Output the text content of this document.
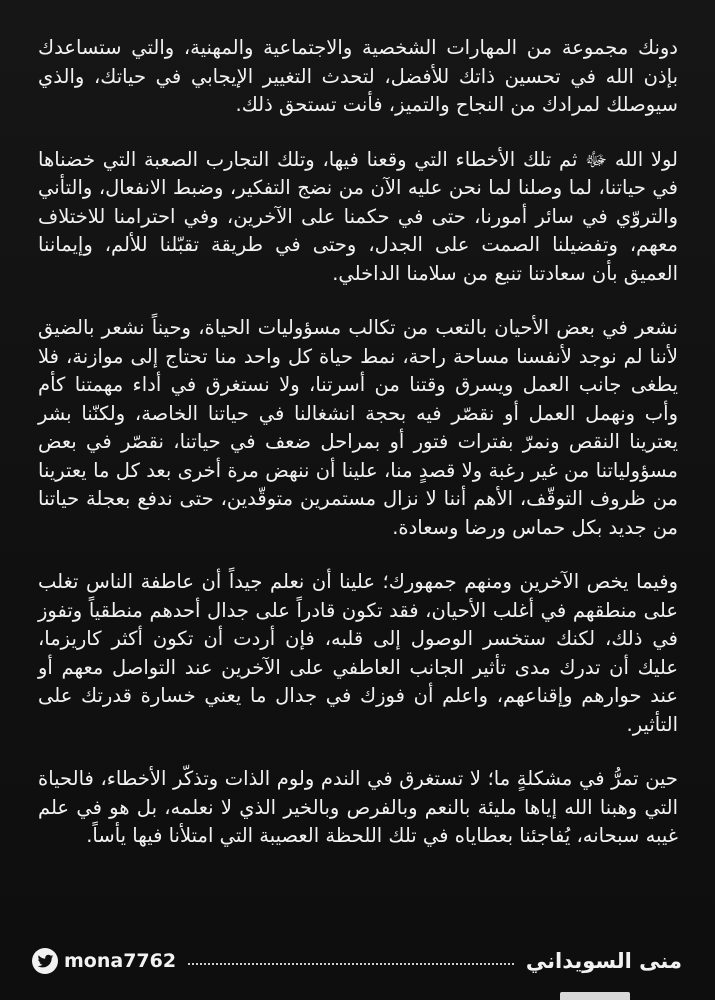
دونك مجموعة من المهارات الشخصية والاجتماعية والمهنية، والتي ستساعدك بإذن الله في تحسين ذاتك للأفضل، لتحدث التغيير الإيجابي في حياتك، والذي سيوصلك لمرادك من النجاح والتميز، فأنت تستحق ذلك.

لولا الله ﷻ ثم تلك الأخطاء التي وقعنا فيها، وتلك التجارب الصعبة التي خضناها في حياتنا، لما وصلنا لما نحن عليه الآن من نضج التفكير، وضبط الانفعال، والتأني والتروّي في سائر أمورنا، حتى في حكمنا على الآخرين، وفي احترامنا للاختلاف معهم، وتفضيلنا الصمت على الجدل، وحتى في طريقة تقبّلنا للألم، وإيماننا العميق بأن سعادتنا تنبع من سلامنا الداخلي.

نشعر في بعض الأحيان بالتعب من تكالب مسؤوليات الحياة، وحيناً نشعر بالضيق لأننا لم نوجد لأنفسنا مساحة راحة، نمط حياة كل واحد منا تحتاج إلى موازنة، فلا يطغى جانب العمل ويسرق وقتنا من أسرتنا، ولا نستغرق في أداء مهمتنا كأم وأب ونهمل العمل أو نقصّر فيه بحجة انشغالنا في حياتنا الخاصة، ولكنّنا بشر يعترينا النقص ونمرّ بفترات فتور أو بمراحل ضعف في حياتنا، نقصّر في بعض مسؤولياتنا من غير رغبة ولا قصدٍ منا، علينا أن ننهض مرة أخرى بعد كل ما يعترينا من ظروف التوقّف، الأهم أننا لا نزال مستمرين متوقّدين، حتى ندفع بعجلة حياتنا من جديد بكل حماس ورضا وسعادة.

وفيما يخص الآخرين ومنهم جمهورك؛ علينا أن نعلم جيداً أن عاطفة الناس تغلب على منطقهم في أغلب الأحيان، فقد تكون قادراً على جدال أحدهم منطقياً وتفوز في ذلك، لكنك ستخسر الوصول إلى قلبه، فإن أردت أن تكون أكثر كاريزما، عليك أن تدرك مدى تأثير الجانب العاطفي على الآخرين عند التواصل معهم أو عند حوارهم وإقناعهم، واعلم أن فوزك في جدال ما يعني خسارة قدرتك على التأثير.

حين تمرُّ في مشكلةٍ ما؛ لا تستغرق في الندم ولوم الذات وتذكّر الأخطاء، فالحياة التي وهبنا الله إياها مليئة بالنعم وبالفرص وبالخير الذي لا نعلمه، بل هو في علم غيبه سبحانه، يُفاجئنا بعطاياه في تلك اللحظة العصيبة التي امتلأنا فيها يأساً.

mona7762	منى السويداني
